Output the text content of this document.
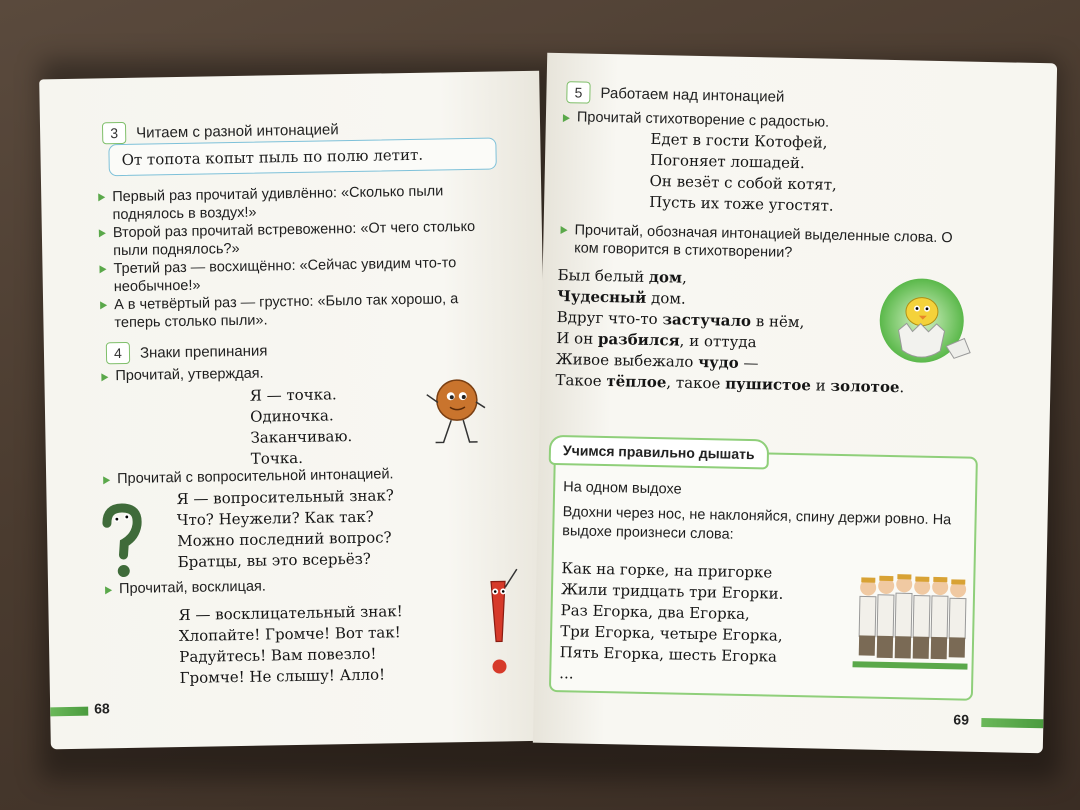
3	Читаем с разной интонацией
От топота копыт пыль по полю летит.
Первый раз прочитай удивлённо: «Сколько пыли поднялось в воздух!»
Второй раз прочитай встревоженно: «От чего столько пыли поднялось?»
Третий раз — восхищённо: «Сейчас увидим что-то необычное!»
А в четвёртый раз — грустно: «Было так хорошо, а теперь столько пыли».
4	Знаки препинания
Прочитай, утверждая.
Я — точка.
Одиночка.
Заканчиваю.
Точка.
Прочитай с вопросительной интонацией.
Я — вопросительный знак?
Что? Неужели? Как так?
Можно последний вопрос?
Братцы, вы это всерьёз?
Прочитай, восклицая.
Я — восклицательный знак!
Хлопайте! Громче! Вот так!
Радуйтесь! Вам повезло!
Громче! Не слышу! Алло!
68
5	Работаем над интонацией
Прочитай стихотворение с радостью.
Едет в гости Котофей,
Погоняет лошадей.
Он везёт с собой котят,
Пусть их тоже угостят.
Прочитай, обозначая интонацией выделенные слова. О ком говорится в стихотворении?
Был белый дом,
Чудесный дом.
Вдруг что-то застучало в нём,
И он разбился, и оттуда
Живое выбежало чудо —
Такое тёплое, такое пушистое и золотое.
Учимся правильно дышать
На одном выдохе
Вдохни через нос, не наклоняйся, спину держи ровно. На выдохе произнеси слова:
Как на горке, на пригорке
Жили тридцать три Егорки.
Раз Егорка, два Егорка,
Три Егорка, четыре Егорка,
Пять Егорка, шесть Егорка
...
69
